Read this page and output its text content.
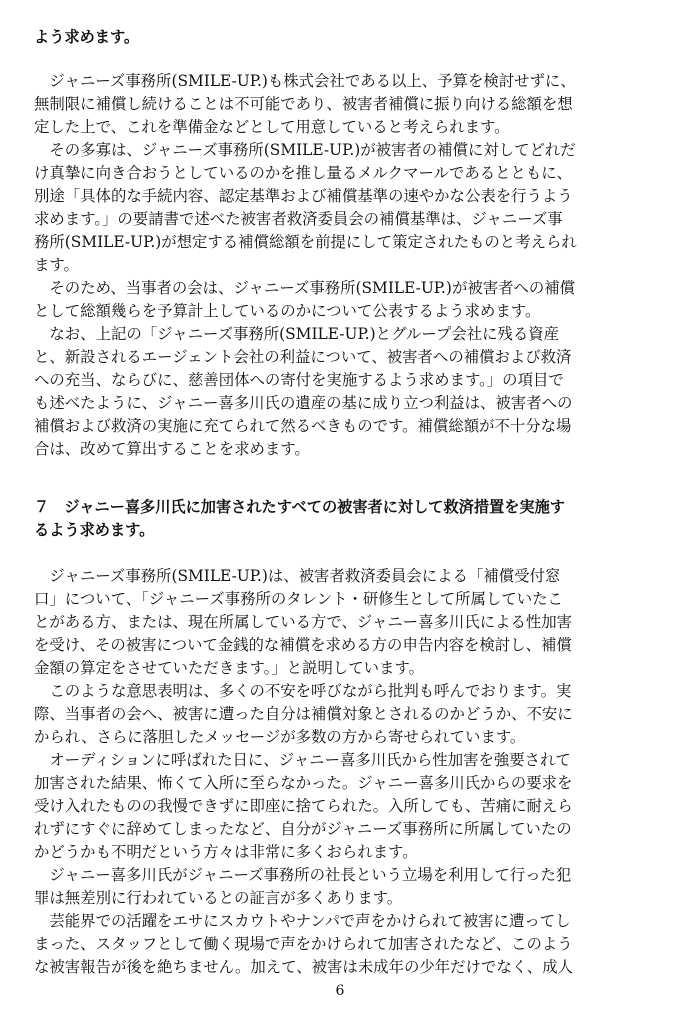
よう求めます。
　ジャニーズ事務所(SMILE-UP.)も株式会社である以上、予算を検討せずに、
無制限に補償し続けることは不可能であり、被害者補償に振り向ける総額を想
定した上で、これを準備金などとして用意していると考えられます。
　その多寡は、ジャニーズ事務所(SMILE-UP.)が被害者の補償に対してどれだ
け真摯に向き合おうとしているのかを推し量るメルクマールであるとともに、
別途「具体的な手続内容、認定基準および補償基準の速やかな公表を行うよう
求めます。」の要請書で述べた被害者救済委員会の補償基準は、ジャニーズ事
務所(SMILE-UP.)が想定する補償総額を前提にして策定されたものと考えられ
ます。
　そのため、当事者の会は、ジャニーズ事務所(SMILE-UP.)が被害者への補償
として総額幾らを予算計上しているのかについて公表するよう求めます。
　なお、上記の「ジャニーズ事務所(SMILE-UP.)とグループ会社に残る資産
と、新設されるエージェント会社の利益について、被害者への補償および救済
への充当、ならびに、慈善団体への寄付を実施するよう求めます。」の項目で
も述べたように、ジャニー喜多川氏の遺産の基に成り立つ利益は、被害者への
補償および救済の実施に充てられて然るべきものです。補償総額が不十分な場
合は、改めて算出することを求めます。
７　ジャニー喜多川氏に加害されたすべての被害者に対して救済措置を実施す
るよう求めます。
　ジャニーズ事務所(SMILE-UP.)は、被害者救済委員会による「補償受付窓
口」について、「ジャニーズ事務所のタレント・研修生として所属していたこ
とがある方、または、現在所属している方で、ジャニー喜多川氏による性加害
を受け、その被害について金銭的な補償を求める方の申告内容を検討し、補償
金額の算定をさせていただきます。」と説明しています。
　このような意思表明は、多くの不安を呼びながら批判も呼んでおります。実
際、当事者の会へ、被害に遭った自分は補償対象とされるのかどうか、不安に
かられ、さらに落胆したメッセージが多数の方から寄せられています。
　オーディションに呼ばれた日に、ジャニー喜多川氏から性加害を強要されて
加害された結果、怖くて入所に至らなかった。ジャニー喜多川氏からの要求を
受け入れたものの我慢できずに即座に捨てられた。入所しても、苦痛に耐えら
れずにすぐに辞めてしまったなど、自分がジャニーズ事務所に所属していたの
かどうかも不明だという方々は非常に多くおられます。
　ジャニー喜多川氏がジャニーズ事務所の社長という立場を利用して行った犯
罪は無差別に行われているとの証言が多くあります。
　芸能界での活躍をエサにスカウトやナンパで声をかけられて被害に遭ってし
まった、スタッフとして働く現場で声をかけられて加害されたなど、このよう
な被害報告が後を絶ちません。加えて、被害は未成年の少年だけでなく、成人
6
